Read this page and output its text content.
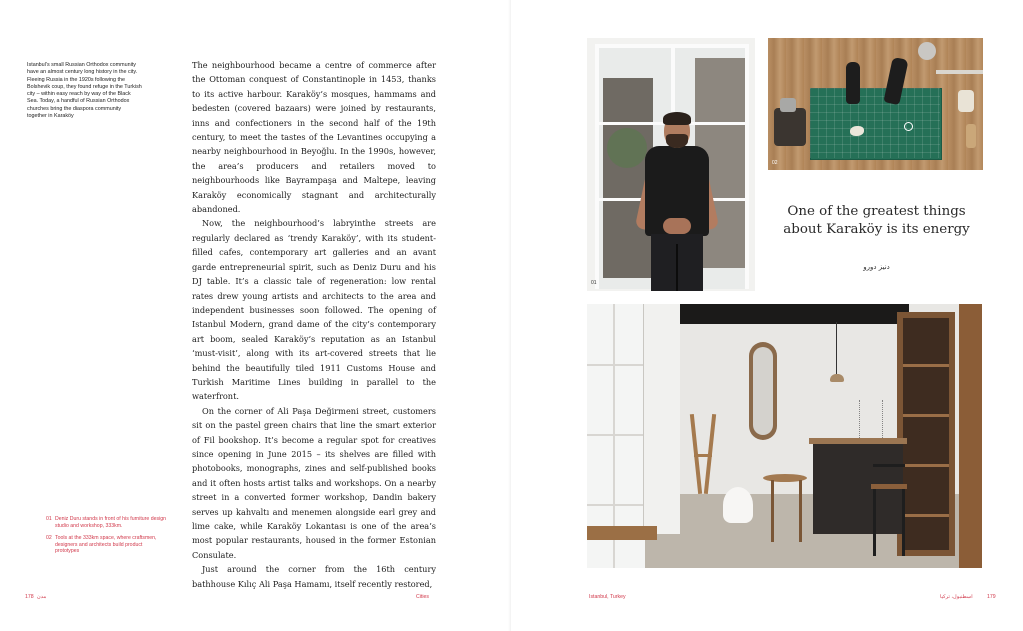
Istanbul’s small Russian Orthodox community have an almost century long history in the city. Fleeing Russia in the 1920s following the Bolshevik coup, they found refuge in the Turkish city – within easy reach by way of the Black Sea. Today, a handful of Russian Orthodox churches bring the diaspora community together in Karaköy

The neighbourhood became a centre of commerce after the Ottoman conquest of Constantinople in 1453, thanks to its active harbour. Karaköy’s mosques, hammams and bedesten (covered bazaars) were joined by restaurants, inns and confectioners in the second half of the 19th century, to meet the tastes of the Levantines occupying a nearby neighbourhood in Beyoğlu. In the 1990s, however, the area’s producers and retailers moved to neighbourhoods like Bayrampaşa and Maltepe, leaving Karaköy economically stagnant and architecturally abandoned.

Now, the neighbourhood’s labryinthe streets are regularly declared as ‘trendy Karaköy’, with its student-filled cafes, contemporary art galleries and an avant garde entrepreneurial spirit, such as Deniz Duru and his DJ table. It’s a classic tale of regeneration: low rental rates drew young artists and architects to the area and independent businesses soon followed. The opening of Istanbul Modern, grand dame of the city’s contemporary art boom, sealed Karaköy’s reputation as an Istanbul ‘must-visit’, along with its art-covered streets that lie behind the beautifully tiled 1911 Customs House and Turkish Maritime Lines building in parallel to the waterfront.

On the corner of Ali Paşa Değirmeni street, customers sit on the pastel green chairs that line the smart exterior of Fil bookshop. It’s become a regular spot for creatives since opening in June 2015 – its shelves are filled with photobooks, monographs, zines and self-published books and it often hosts artist talks and workshops. On a nearby street in a converted former workshop, Dandin bakery serves up kahvaltı and menemen alongside earl grey and lime cake, while Karaköy Lokantası is one of the area’s most popular restaurants, housed in the former Estonian Consulate.

Just around the corner from the 16th century bathhouse Kılıç Ali Paşa Hamamı, itself recently restored,

01 Deniz Duru stands in front of his furniture design studio and workshop, 333km.
02 Tools at the 333km space, where craftsmen, designers and architects build product prototypes
178 مدن	Cities
01
02
One of the greatest things about Karaköy is its energy
دنيز دورو
Istanbul, Turkey	اسطنبول، تركيا	179
